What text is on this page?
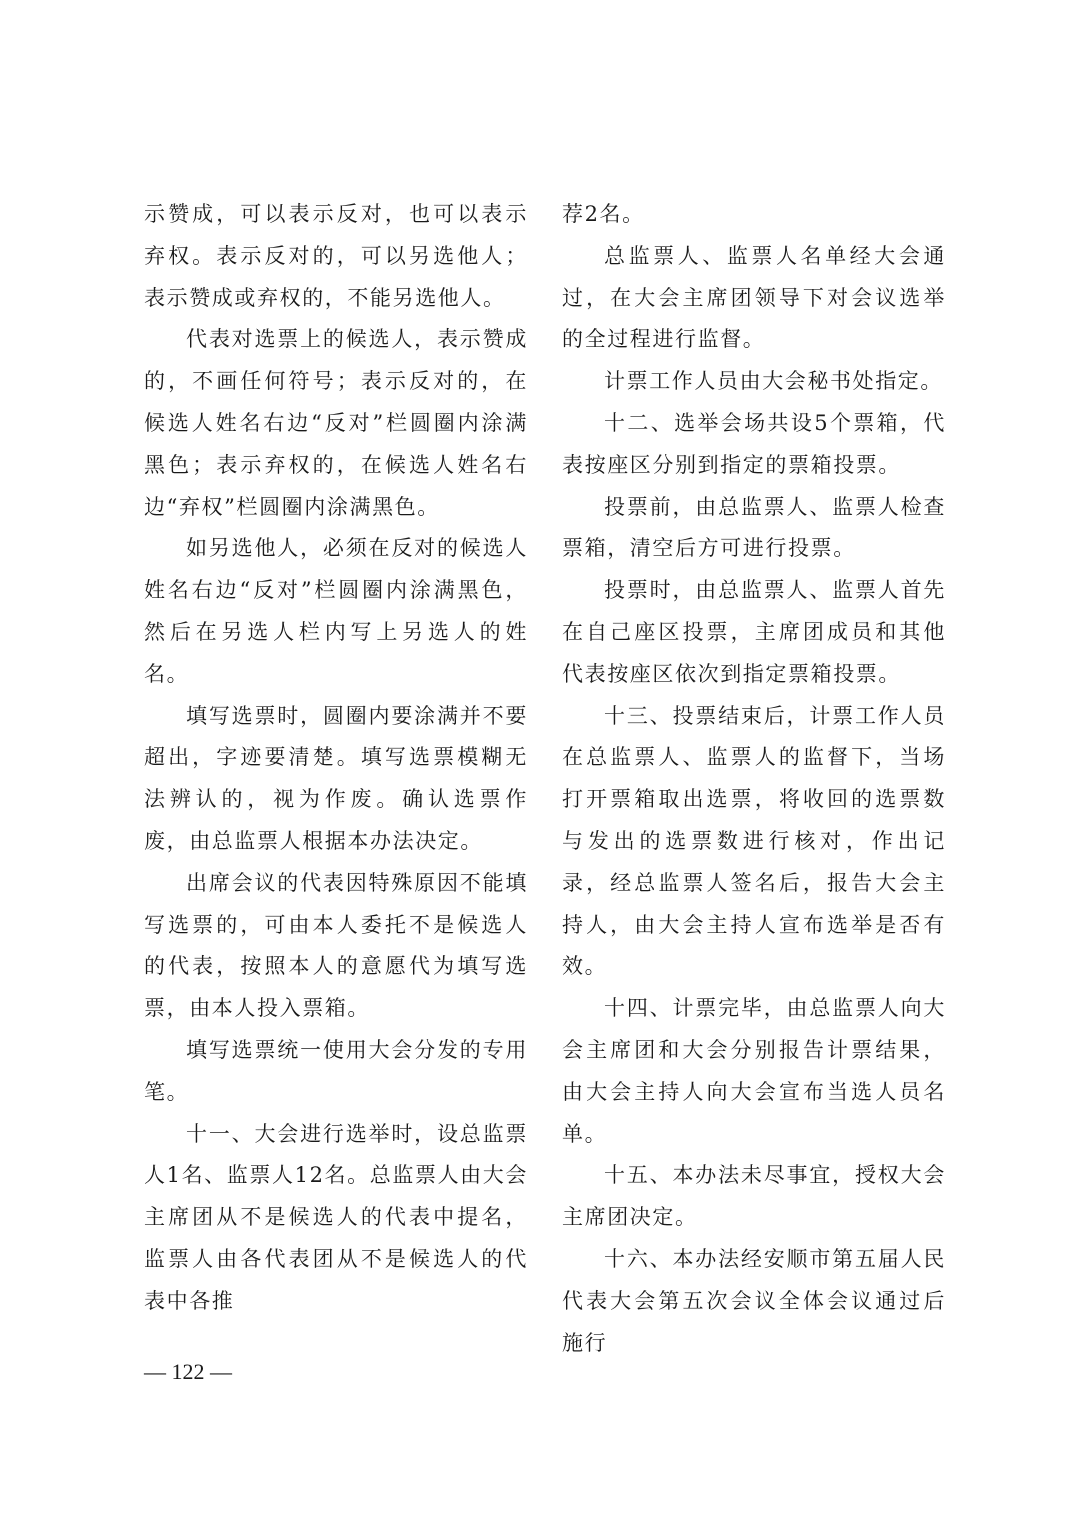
示赞成，可以表示反对，也可以表示弃权。表示反对的，可以另选他人；表示赞成或弃权的，不能另选他人。

代表对选票上的候选人，表示赞成的，不画任何符号；表示反对的，在候选人姓名右边“反对”栏圆圈内涂满黑色；表示弃权的，在候选人姓名右边“弃权”栏圆圈内涂满黑色。

如另选他人，必须在反对的候选人姓名右边“反对”栏圆圈内涂满黑色，然后在另选人栏内写上另选人的姓名。

填写选票时，圆圈内要涂满并不要超出，字迹要清楚。填写选票模糊无法辨认的，视为作废。确认选票作废，由总监票人根据本办法决定。

出席会议的代表因特殊原因不能填写选票的，可由本人委托不是候选人的代表，按照本人的意愿代为填写选票，由本人投入票箱。

填写选票统一使用大会分发的专用笔。

十一、大会进行选举时，设总监票人1名、监票人12名。总监票人由大会主席团从不是候选人的代表中提名，监票人由各代表团从不是候选人的代表中各推

荐2名。

总监票人、监票人名单经大会通过，在大会主席团领导下对会议选举的全过程进行监督。

计票工作人员由大会秘书处指定。

十二、选举会场共设5个票箱，代表按座区分别到指定的票箱投票。

投票前，由总监票人、监票人检查票箱，清空后方可进行投票。

投票时，由总监票人、监票人首先在自己座区投票，主席团成员和其他代表按座区依次到指定票箱投票。

十三、投票结束后，计票工作人员在总监票人、监票人的监督下，当场打开票箱取出选票，将收回的选票数与发出的选票数进行核对，作出记录，经总监票人签名后，报告大会主持人，由大会主持人宣布选举是否有效。

十四、计票完毕，由总监票人向大会主席团和大会分别报告计票结果，由大会主持人向大会宣布当选人员名单。

十五、本办法未尽事宜，授权大会主席团决定。

十六、本办法经安顺市第五届人民代表大会第五次会议全体会议通过后施行

— 122 —
